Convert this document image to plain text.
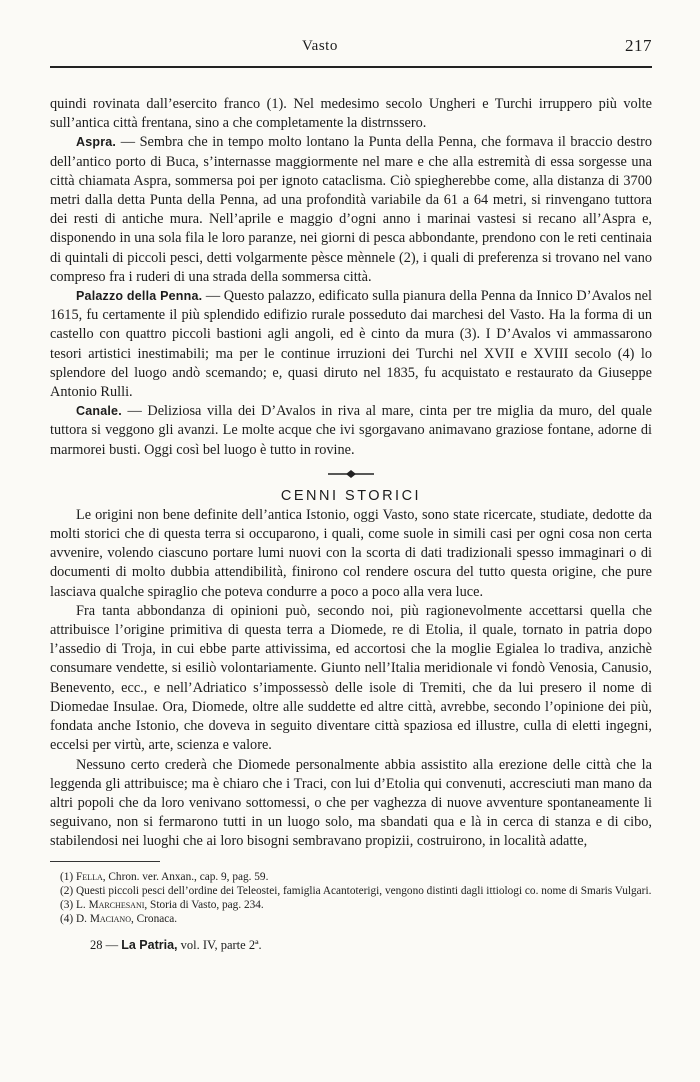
Vasto	217

quindi rovinata dall’esercito franco (1). Nel medesimo secolo Ungheri e Turchi irruppero più volte sull’antica città frentana, sino a che completamente la distrnssero.

Aspra. — Sembra che in tempo molto lontano la Punta della Penna, che formava il braccio destro dell’antico porto di Buca, s’internasse maggiormente nel mare e che alla estremità di essa sorgesse una città chiamata Aspra, sommersa poi per ignoto cataclisma. Ciò spiegherebbe come, alla distanza di 3700 metri dalla detta Punta della Penna, ad una profondità variabile da 61 a 64 metri, si rinvengano tuttora dei resti di antiche mura. Nell’aprile e maggio d’ogni anno i marinai vastesi si recano all’Aspra e, disponendo in una sola fila le loro paranze, nei giorni di pesca abbondante, prendono con le reti centinaia di quintali di piccoli pesci, detti volgarmente pèsce mènnele (2), i quali di preferenza si trovano nel vano compreso fra i ruderi di una strada della sommersa città.

Palazzo della Penna. — Questo palazzo, edificato sulla pianura della Penna da Innico D’Avalos nel 1615, fu certamente il più splendido edifizio rurale posseduto dai marchesi del Vasto. Ha la forma di un castello con quattro piccoli bastioni agli angoli, ed è cinto da mura (3). I D’Avalos vi ammassarono tesori artistici inestimabili; ma per le continue irruzioni dei Turchi nel XVII e XVIII secolo (4) lo splendore del luogo andò scemando; e, quasi diruto nel 1835, fu acquistato e restaurato da Giuseppe Antonio Rulli.

Canale. — Deliziosa villa dei D’Avalos in riva al mare, cinta per tre miglia da muro, del quale tuttora si veggono gli avanzi. Le molte acque che ivi sgorgavano animavano graziose fontane, adorne di marmorei busti. Oggi così bel luogo è tutto in rovine.

CENNI STORICI

Le origini non bene definite dell’antica Istonio, oggi Vasto, sono state ricercate, studiate, dedotte da molti storici che di questa terra si occuparono, i quali, come suole in simili casi per ogni cosa non certa avvenire, volendo ciascuno portare lumi nuovi con la scorta di dati tradizionali spesso immaginari o di documenti di molto dubbia attendibilità, finirono col rendere oscura del tutto questa origine, che pure lasciava qualche spiraglio che poteva condurre a poco a poco alla vera luce.

Fra tanta abbondanza di opinioni può, secondo noi, più ragionevolmente accettarsi quella che attribuisce l’origine primitiva di questa terra a Diomede, re di Etolia, il quale, tornato in patria dopo l’assedio di Troja, in cui ebbe parte attivissima, ed accortosi che la moglie Egialea lo tradiva, anzichè consumare vendette, si esiliò volontariamente. Giunto nell’Italia meridionale vi fondò Venosia, Canusio, Benevento, ecc., e nell’Adriatico s’impossessò delle isole di Tremiti, che da lui presero il nome di Diomedae Insulae. Ora, Diomede, oltre alle suddette ed altre città, avrebbe, secondo l’opinione dei più, fondata anche Istonio, che doveva in seguito diventare città spaziosa ed illustre, culla di eletti ingegni, eccelsi per virtù, arte, scienza e valore.

Nessuno certo crederà che Diomede personalmente abbia assistito alla erezione delle città che la leggenda gli attribuisce; ma è chiaro che i Traci, con lui d’Etolia qui convenuti, accresciuti man mano da altri popoli che da loro venivano sottomessi, o che per vaghezza di nuove avventure spontaneamente li seguivano, non si fermarono tutti in un luogo solo, ma sbandati qua e là in cerca di stanza e di cibo, stabilendosi nei luoghi che ai loro bisogni sembravano propizii, costruirono, in località adatte,

(1) Fella, Chron. ver. Anxan., cap. 9, pag. 59.
(2) Questi piccoli pesci dell’ordine dei Teleostei, famiglia Acantoterigi, vengono distinti dagli ittiologi co. nome di Smaris Vulgari.
(3) L. Marchesani, Storia di Vasto, pag. 234.
(4) D. Maciano, Cronaca.
28 — La Patria, vol. IV, parte 2ª.
